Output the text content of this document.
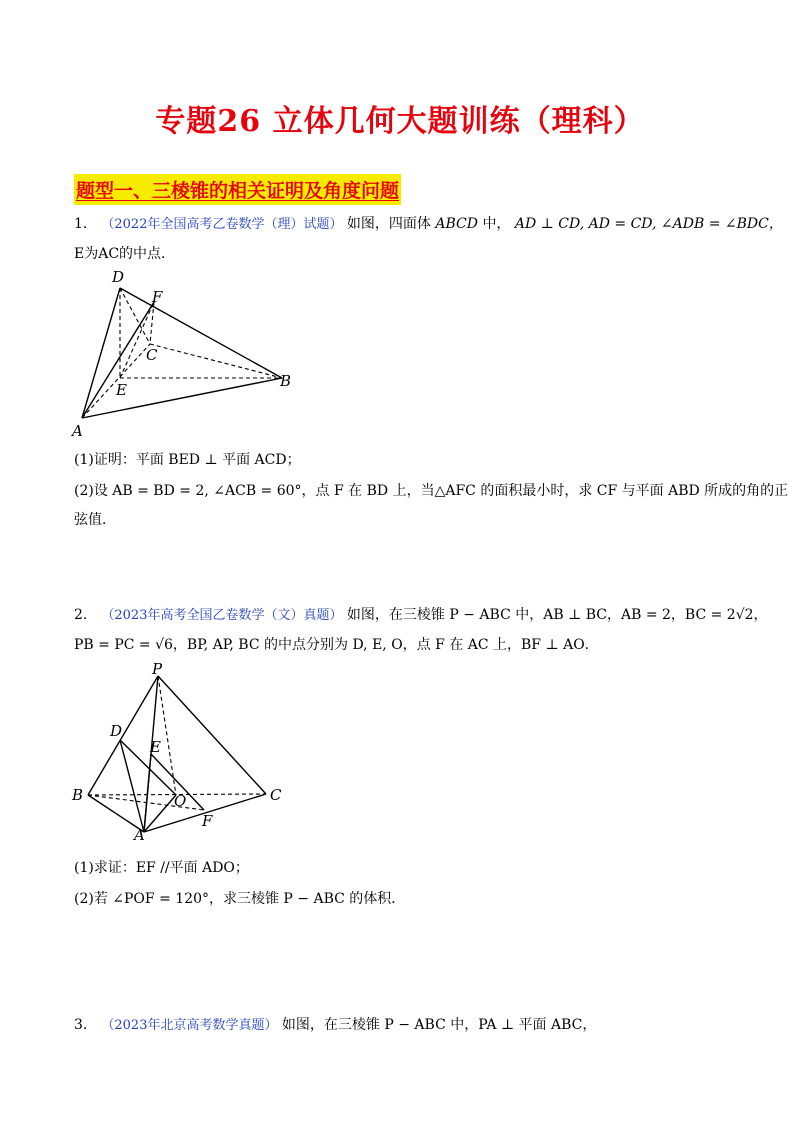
专题26 立体几何大题训练（理科）
题型一、三棱锥的相关证明及角度问题
1． （2022年全国高考乙卷数学（理）试题） 如图，四面体 ABCD 中， AD ⊥ CD, AD = CD, ∠ADB = ∠BDC，
E为AC的中点．
D
F
C
E	B
A
(1)证明：平面 BED ⊥ 平面 ACD；
(2)设 AB = BD = 2, ∠ACB = 60°，点 F 在 BD 上，当△AFC 的面积最小时，求 CF 与平面 ABD 所成的角的正
弦值．
2． （2023年高考全国乙卷数学（文）真题） 如图，在三棱锥 P − ABC 中，AB ⊥ BC，AB = 2，BC = 2√2，
PB = PC = √6，BP, AP, BC 的中点分别为 D, E, O，点 F 在 AC 上，BF ⊥ AO．
P
D
E
B	O	C
F
A
(1)求证：EF //平面 ADO；
(2)若 ∠POF = 120°，求三棱锥 P − ABC 的体积．
3． （2023年北京高考数学真题） 如图，在三棱锥 P − ABC 中，PA ⊥ 平面 ABC，
